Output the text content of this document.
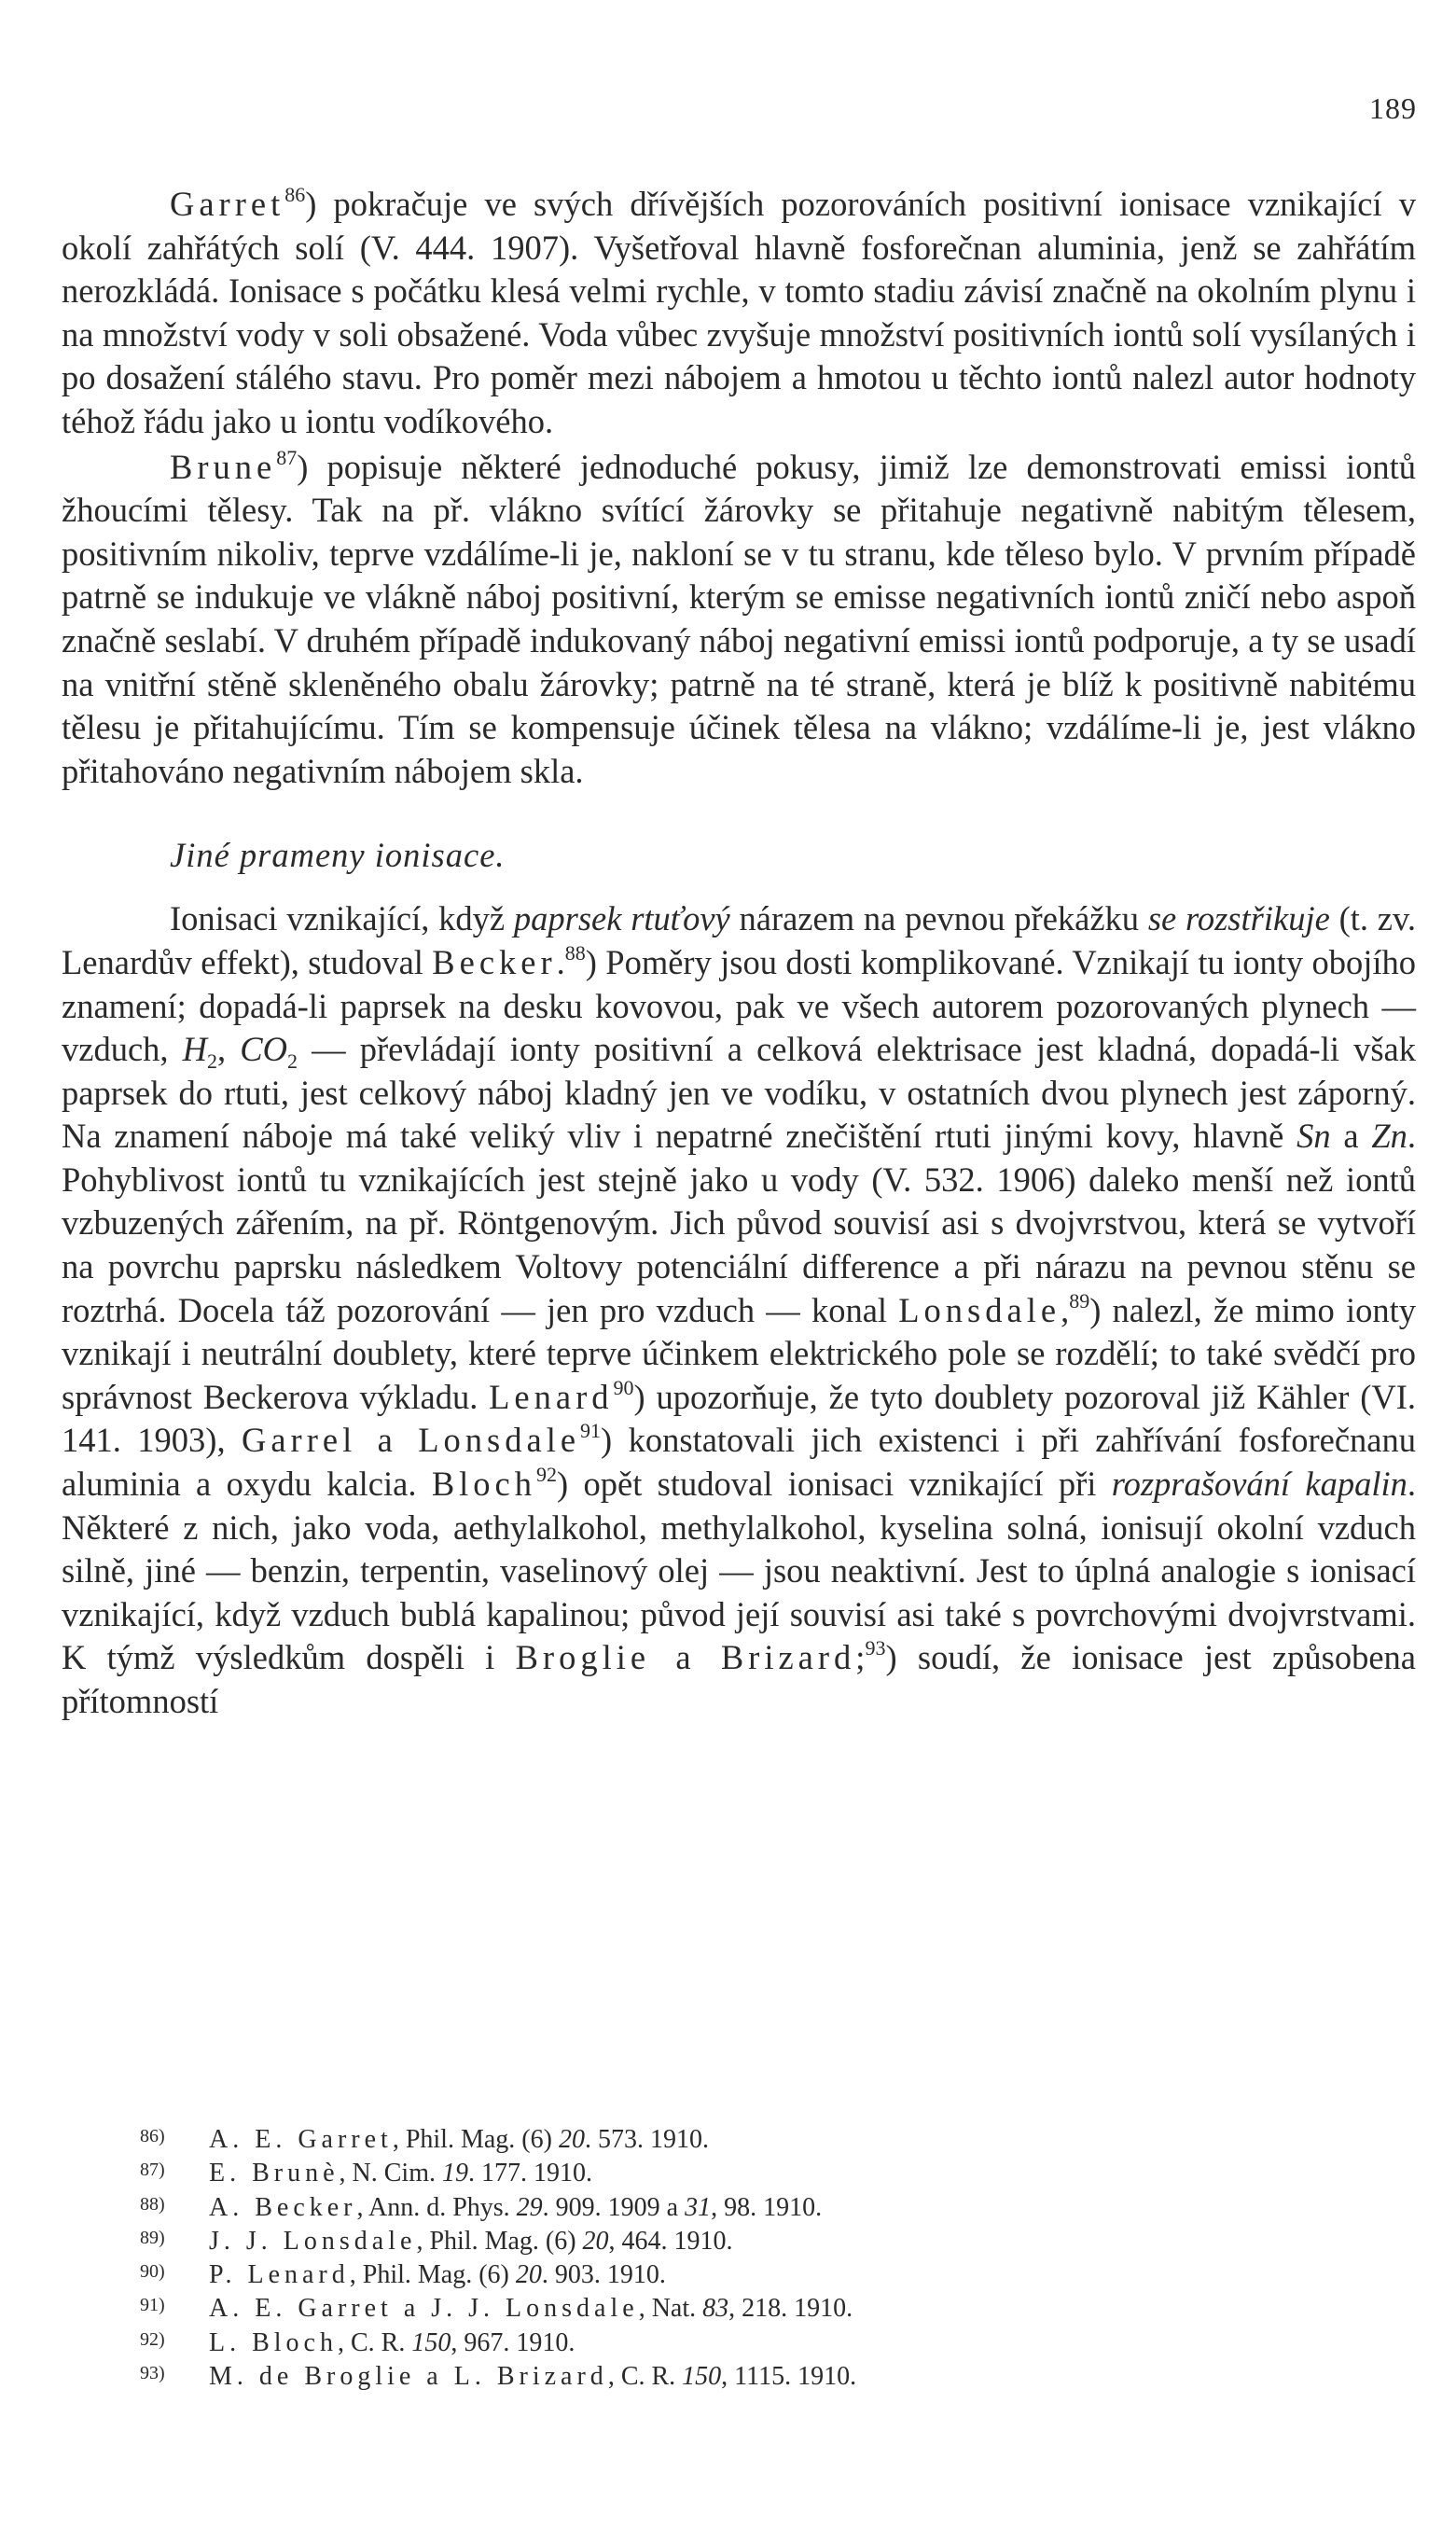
189

Garret$^{86}$) pokračuje ve svých dřívějších pozorováních positivní ionisace vznikající v okolí zahřátých solí (V. 444. 1907). Vyšetřoval hlavně fosforečnan aluminia, jenž se zahřátím nerozkládá. Ionisace s počátku klesá velmi rychle, v tomto stadiu závisí značně na okolním plynu i na množství vody v soli obsažené. Voda vůbec zvyšuje množství positivních iontů solí vysílaných i po dosažení stálého stavu. Pro poměr mezi nábojem a hmotou u těchto iontů nalezl autor hodnoty téhož řádu jako u iontu vodíkového.

Brune$^{87}$) popisuje některé jednoduché pokusy, jimiž lze demonstrovati emissi iontů žhoucími tělesy. Tak na př. vlákno svítící žárovky se přitahuje negativně nabitým tělesem, positivním nikoliv, teprve vzdálíme-li je, nakloní se v tu stranu, kde těleso bylo. V prvním případě patrně se indukuje ve vlákně náboj positivní, kterým se emisse negativních iontů zničí nebo aspoň značně seslabí. V druhém případě indukovaný náboj negativní emissi iontů podporuje, a ty se usadí na vnitřní stěně skleněného obalu žárovky; patrně na té straně, která je blíž k positivně nabitému tělesu je přitahujícímu. Tím se kompensuje účinek tělesa na vlákno; vzdálíme-li je, jest vlákno přitahováno negativním nábojem skla.

Jiné prameny ionisace.

Ionisaci vznikající, když paprsek rtuťový nárazem na pevnou překážku se rozstřikuje (t. zv. Lenardův effekt), studoval Becker.$^{88}$) Poměry jsou dosti komplikované. Vznikají tu ionty obojího znamení; dopadá-li paprsek na desku kovovou, pak ve všech autorem pozorovaných plynech — vzduch, $H_2$, $CO_2$ — převládají ionty positivní a celková elektrisace jest kladná, dopadá-li však paprsek do rtuti, jest celkový náboj kladný jen ve vodíku, v ostatních dvou plynech jest záporný. Na znamení náboje má také veliký vliv i nepatrné znečištění rtuti jinými kovy, hlavně Sn a Zn. Pohyblivost iontů tu vznikajících jest stejně jako u vody (V. 532. 1906) daleko menší než iontů vzbuzených zářením, na př. Röntgenovým. Jich původ souvisí asi s dvojvrstvou, která se vytvoří na povrchu paprsku následkem Voltovy potenciální difference a při nárazu na pevnou stěnu se roztrhá. Docela táž pozorování — jen pro vzduch — konal Lonsdale,$^{89}$) nalezl, že mimo ionty vznikají i neutrální doublety, které teprve účinkem elektrického pole se rozdělí; to také svědčí pro správnost Beckerova výkladu. Lenard$^{90}$) upozorňuje, že tyto doublety pozoroval již Kähler (VI. 141. 1903), Garrel a Lonsdale$^{91}$) konstatovali jich existenci i při zahřívání fosforečnanu aluminia a oxydu kalcia. Bloch$^{92}$) opět studoval ionisaci vznikající při rozprašování kapalin. Některé z nich, jako voda, aethylalkohol, methylalkohol, kyselina solná, ionisují okolní vzduch silně, jiné — benzin, terpentin, vaselinový olej — jsou neaktivní. Jest to úplná analogie s ionisací vznikající, když vzduch bublá kapalinou; původ její souvisí asi také s povrchovými dvojvrstvami. K týmž výsledkům dospěli i Broglie a Brizard;$^{93}$) soudí, že ionisace jest způsobena přítomností

86) A. E. Garret, Phil. Mag. (6) 20. 573. 1910.
87) E. Brunè, N. Cim. 19. 177. 1910.
88) A. Becker, Ann. d. Phys. 29. 909. 1909 a 31, 98. 1910.
89) J. J. Lonsdale, Phil. Mag. (6) 20, 464. 1910.
90) P. Lenard, Phil. Mag. (6) 20. 903. 1910.
91) A. E. Garret a J. J. Lonsdale, Nat. 83, 218. 1910.
92) L. Bloch, C. R. 150, 967. 1910.
93) M. de Broglie a L. Brizard, C. R. 150, 1115. 1910.
